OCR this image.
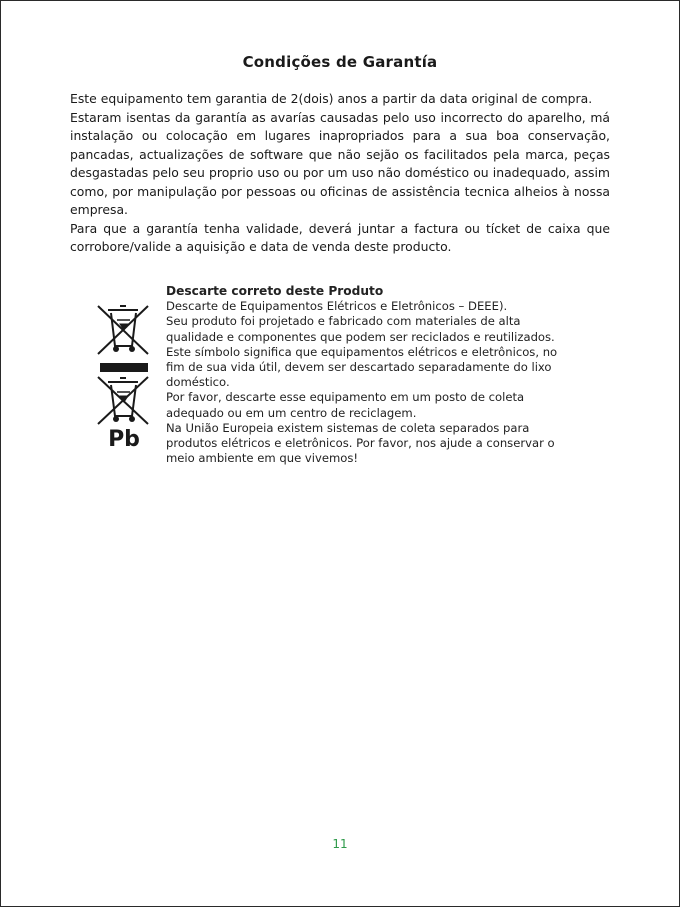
Condições de Garantía

Este equipamento tem garantia de 2(dois) anos a partir da data original de compra.

Estaram isentas da garantía as avarías causadas pelo uso incorrecto do aparelho, má instalação ou colocação em lugares inapropriados para a sua boa conservação, pancadas, actualizações de software que não sejão os facilitados pela marca, peças desgastadas pelo seu proprio uso ou por um uso não doméstico ou inadequado, assim como, por manipulação por pessoas ou oficinas de assistência tecnica alheios à nossa empresa.

Para que a garantía tenha validade, deverá juntar a factura ou tícket de caixa que corrobore/valide a aquisição e data de venda deste producto.

Pb
Descarte correto deste Produto
Descarte de Equipamentos Elétricos e Eletrônicos – DEEE).
Seu produto foi projetado e fabricado com materiales de alta
qualidade e componentes que podem ser reciclados e reutilizados.
Este símbolo significa que equipamentos elétricos e eletrônicos, no
fim de sua vida útil, devem ser descartado separadamente do lixo
doméstico.
Por favor, descarte esse equipamento em um posto de coleta
adequado ou em um centro de reciclagem.
Na União Europeia existem sistemas de coleta separados para
produtos elétricos e eletrônicos. Por favor, nos ajude a conservar o
meio ambiente em que vivemos!
11
